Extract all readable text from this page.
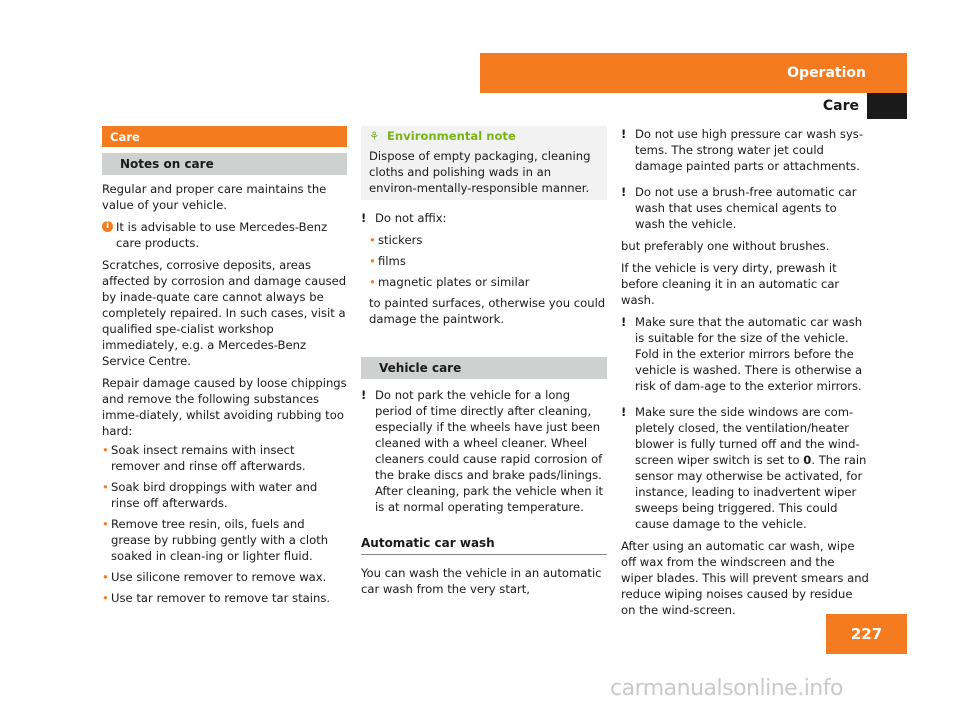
Operation
Care
Care
Notes on care

Regular and proper care maintains the value of your vehicle.

i It is advisable to use Mercedes-Benz care products.

Scratches, corrosive deposits, areas affected by corrosion and damage caused by inade-quate care cannot always be completely repaired. In such cases, visit a qualified spe-cialist workshop immediately, e.g. a Mercedes-Benz Service Centre.

Repair damage caused by loose chippings and remove the following substances imme-diately, whilst avoiding rubbing too hard:

• Soak insect remains with insect remover and rinse off afterwards.

• Soak bird droppings with water and rinse off afterwards.

• Remove tree resin, oils, fuels and grease by rubbing gently with a cloth soaked in clean-ing or lighter fluid.

• Use silicone remover to remove wax.

• Use tar remover to remove tar stains.

⚘ Environmental note
Dispose of empty packaging, cleaning cloths and polishing wads in an environ-mentally-responsible manner.

! Do not affix:

• stickers

• films

• magnetic plates or similar

to painted surfaces, otherwise you could damage the paintwork.

Vehicle care

! Do not park the vehicle for a long period of time directly after cleaning, especially if the wheels have just been cleaned with a wheel cleaner. Wheel cleaners could cause rapid corrosion of the brake discs and brake pads/linings. After cleaning, park the vehicle when it is at normal operating temperature.

Automatic car wash

You can wash the vehicle in an automatic car wash from the very start,

! Do not use high pressure car wash sys-tems. The strong water jet could damage painted parts or attachments.

! Do not use a brush-free automatic car wash that uses chemical agents to wash the vehicle.

but preferably one without brushes.

If the vehicle is very dirty, prewash it before cleaning it in an automatic car wash.

! Make sure that the automatic car wash is suitable for the size of the vehicle. Fold in the exterior mirrors before the vehicle is washed. There is otherwise a risk of dam-age to the exterior mirrors.

! Make sure the side windows are com-pletely closed, the ventilation/heater blower is fully turned off and the wind-screen wiper switch is set to 0. The rain sensor may otherwise be activated, for instance, leading to inadvertent wiper sweeps being triggered. This could cause damage to the vehicle.

After using an automatic car wash, wipe off wax from the windscreen and the wiper blades. This will prevent smears and reduce wiping noises caused by residue on the wind-screen.

227
carmanualsonline.info
